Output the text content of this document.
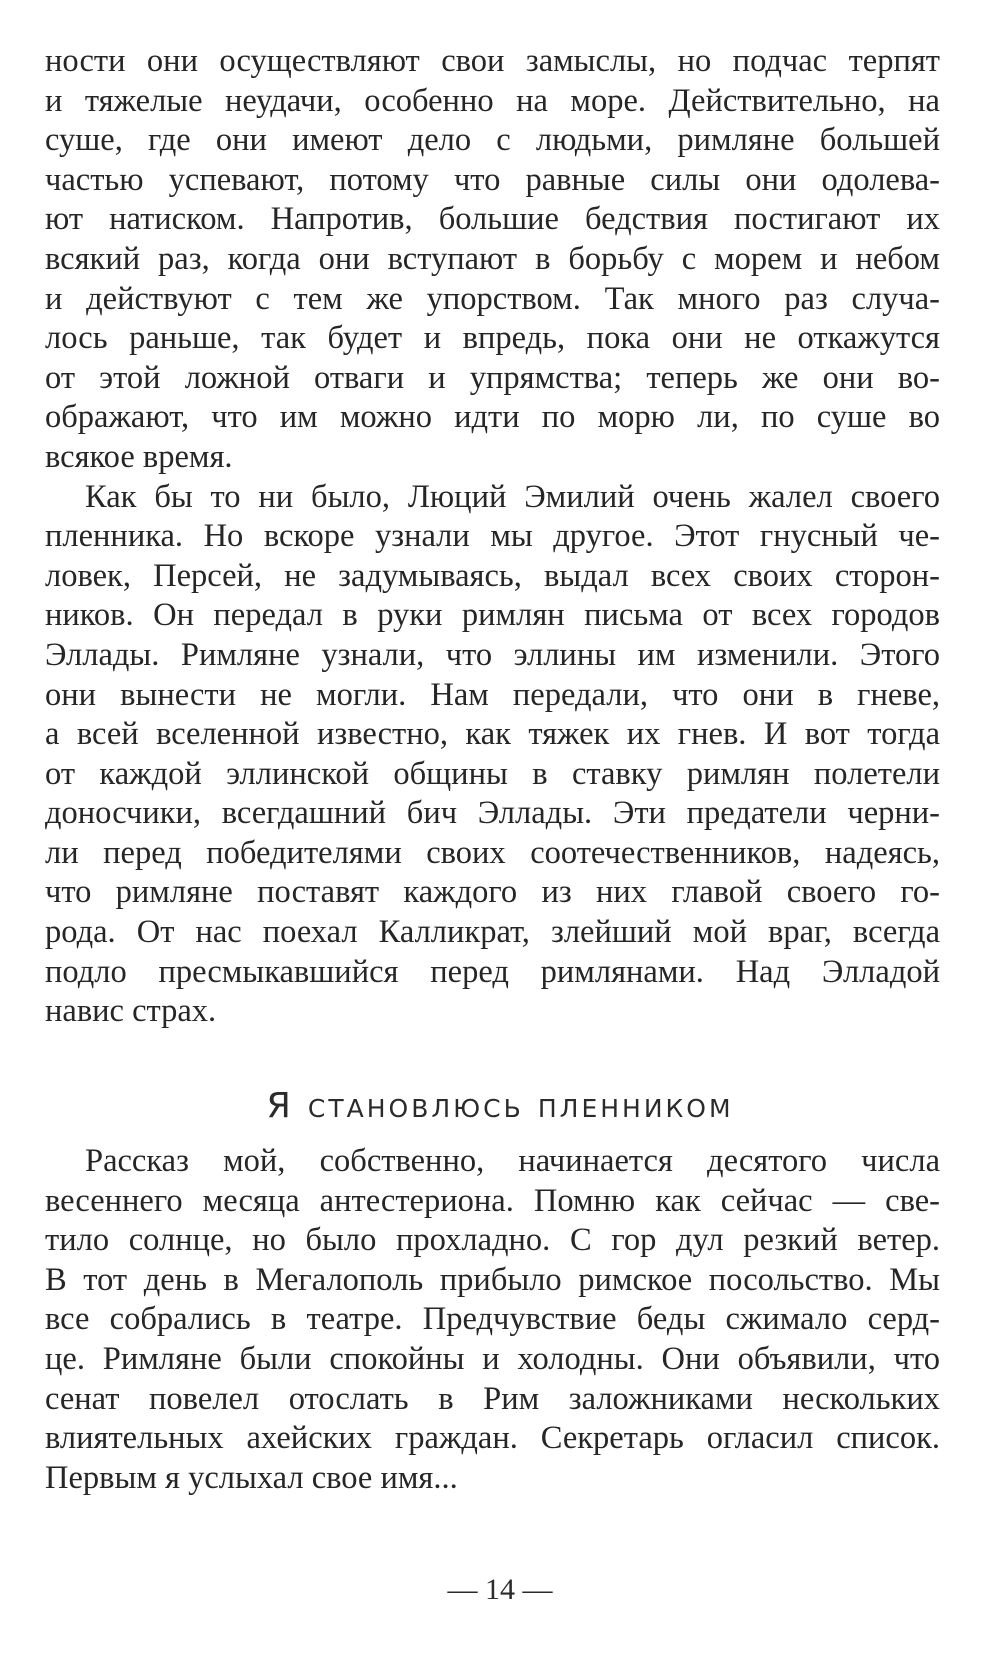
ности они осуществляют свои замыслы, но подчас терпят
и тяжелые неудачи, особенно на море. Действительно, на
суше, где они имеют дело с людьми, римляне большей
частью успевают, потому что равные силы они одолева-
ют натиском. Напротив, большие бедствия постигают их
всякий раз, когда они вступают в борьбу с морем и небом
и действуют с тем же упорством. Так много раз случа-
лось раньше, так будет и впредь, пока они не откажутся
от этой ложной отваги и упрямства; теперь же они во-
ображают, что им можно идти по морю ли, по суше во
всякое время.
Как бы то ни было, Люций Эмилий очень жалел своего
пленника. Но вскоре узнали мы другое. Этот гнусный че-
ловек, Персей, не задумываясь, выдал всех своих сторон-
ников. Он передал в руки римлян письма от всех городов
Эллады. Римляне узнали, что эллины им изменили. Этого
они вынести не могли. Нам передали, что они в гневе,
а всей вселенной известно, как тяжек их гнев. И вот тогда
от каждой эллинской общины в ставку римлян полетели
доносчики, всегдашний бич Эллады. Эти предатели черни-
ли перед победителями своих соотечественников, надеясь,
что римляне поставят каждого из них главой своего го-
рода. От нас поехал Калликрат, злейший мой враг, всегда
подло пресмыкавшийся перед римлянами. Над Элладой
навис страх.
Я становлюсь пленником
Рассказ мой, собственно, начинается десятого числа
весеннего месяца антестериона. Помню как сейчас — све-
тило солнце, но было прохладно. С гор дул резкий ветер.
В тот день в Мегалополь прибыло римское посольство. Мы
все собрались в театре. Предчувствие беды сжимало серд-
це. Римляне были спокойны и холодны. Они объявили, что
сенат повелел отослать в Рим заложниками нескольких
влиятельных ахейских граждан. Секретарь огласил список.
Первым я услыхал свое имя...
— 14 —
